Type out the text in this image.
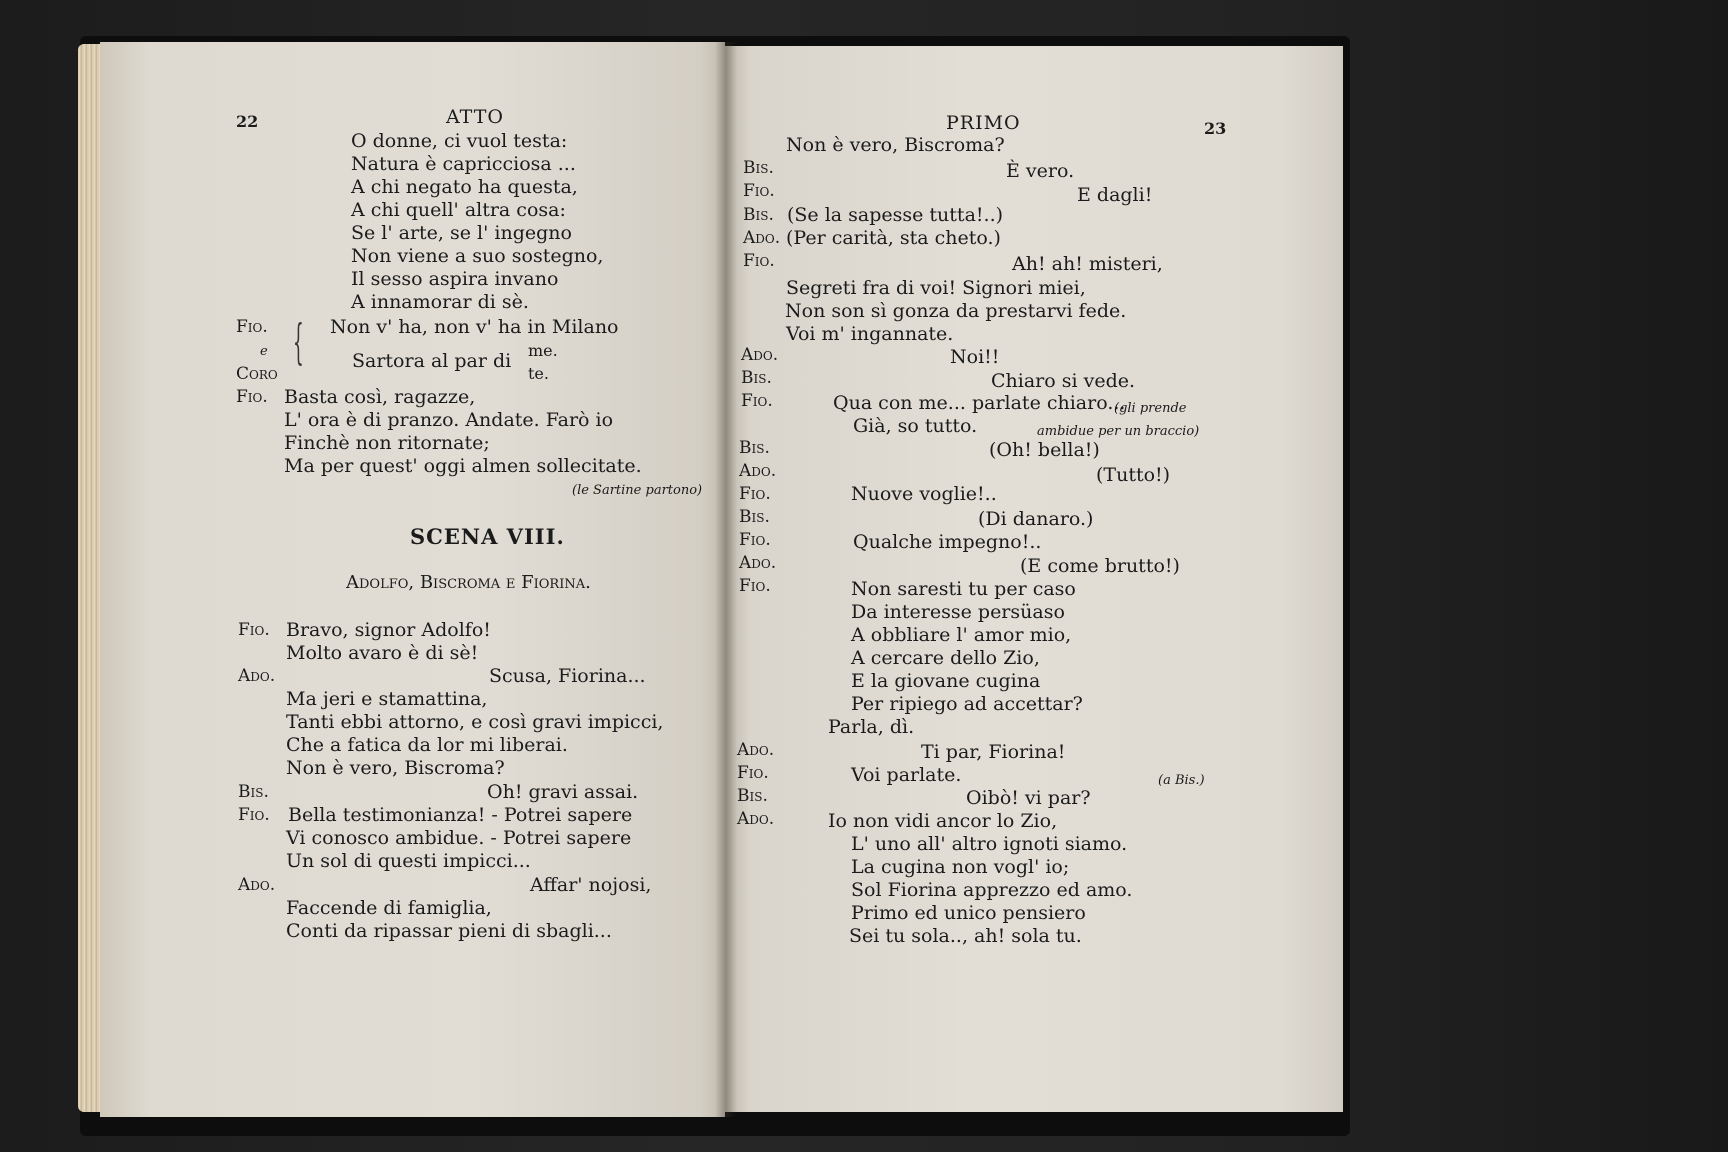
22	ATTO
O donne, ci vuol testa:
Natura è capricciosa ...
A chi negato ha questa,
A chi quell' altra cosa:
Se l' arte, se l' ingegno
Non viene a suo sostegno,
Il sesso aspira invano
A innamorar di sè.
Fio.
e
Coro
{ Non v' ha, non v' ha in Milano
Sartora al par di me.
te.
Fio. Basta così, ragazze,
L' ora è di pranzo. Andate. Farò io
Finchè non ritornate;
Ma per quest' oggi almen sollecitate.
(le Sartine partono)
SCENA VIII.
Adolfo, Biscroma e Fiorina.
Fio. Bravo, signor Adolfo!
Molto avaro è di sè!
Ado.	Scusa, Fiorina...
Ma jeri e stamattina,
Tanti ebbi attorno, e così gravi impicci,
Che a fatica da lor mi liberai.
Non è vero, Biscroma?
Bis.	Oh! gravi assai.
Fio. Bella testimonianza! - Potrei sapere
Vi conosco ambidue. - Potrei sapere
Un sol di questi impicci...
Ado.	Affar' nojosi,
Faccende di famiglia,
Conti da ripassar pieni di sbagli...
PRIMO	23
Non è vero, Biscroma?
Bis.	È vero.
Fio.	E dagli!
Bis. (Se la sapesse tutta!..)
Ado. (Per carità, sta cheto.)
Fio.	Ah! ah! misteri,
Segreti fra di voi! Signori miei,
Non son sì gonza da prestarvi fede.
Voi m' ingannate.
Ado.	Noi!!
Bis.	Chiaro si vede.
Fio.	Qua con me... parlate chiaro...
(gli prende
Già, so tutto.	ambidue per un braccio)
Bis.	(Oh! bella!)
Ado.	(Tutto!)
Fio.	Nuove voglie!..
Bis.	(Di danaro.)
Fio.	Qualche impegno!..
Ado.	(E come brutto!)
Fio.	Non saresti tu per caso
Da interesse persüaso
A obbliare l' amor mio,
A cercare dello Zio,
E la giovane cugina
Per ripiego ad accettar?
Parla, dì.
Ado.	Ti par, Fiorina!
Fio.	Voi parlate.	(a Bis.)
Bis.	Oibò! vi par?
Ado.	Io non vidi ancor lo Zio,
L' uno all' altro ignoti siamo.
La cugina non vogl' io;
Sol Fiorina apprezzo ed amo.
Primo ed unico pensiero
Sei tu sola.., ah! sola tu.
